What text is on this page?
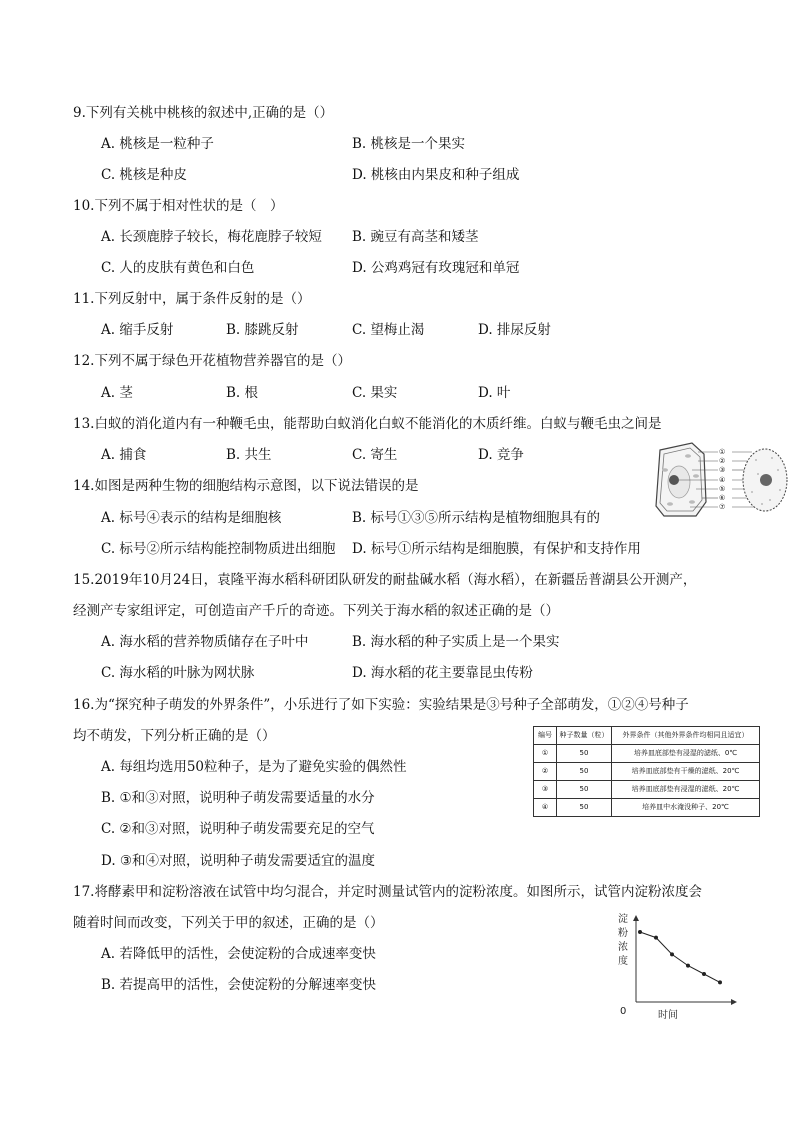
9.下列有关桃中桃核的叙述中,正确的是（）
A. 桃核是一粒种子	B. 桃核是一个果实
C. 桃核是种皮	D. 桃核由内果皮和种子组成
10.下列不属于相对性状的是（　）
A. 长颈鹿脖子较长，梅花鹿脖子较短 B. 豌豆有高茎和矮茎
C. 人的皮肤有黄色和白色	D. 公鸡鸡冠有玫瑰冠和单冠
11.下列反射中，属于条件反射的是（）
A. 缩手反射	B. 膝跳反射	C. 望梅止渴	D. 排尿反射
12.下列不属于绿色开花植物营养器官的是（）
A. 茎	B. 根	C. 果实	D. 叶
13.白蚁的消化道内有一种鞭毛虫，能帮助白蚁消化白蚁不能消化的木质纤维。白蚁与鞭毛虫之间是
A. 捕食	B. 共生	C. 寄生	D. 竞争
14.如图是两种生物的细胞结构示意图，以下说法错误的是
A. 标号④表示的结构是细胞核	B. 标号①③⑤所示结构是植物细胞具有的
C. 标号②所示结构能控制物质进出细胞 D. 标号①所示结构是细胞膜，有保护和支持作用
①
②
③
④
⑤
⑥
⑦
15.2019年10月24日，袁隆平海水稻科研团队研发的耐盐碱水稻（海水稻），在新疆岳普湖县公开测产，
经测产专家组评定，可创造亩产千斤的奇迹。下列关于海水稻的叙述正确的是（）
A. 海水稻的营养物质储存在子叶中	B. 海水稻的种子实质上是一个果实
C. 海水稻的叶脉为网状脉	D. 海水稻的花主要靠昆虫传粉
16.为“探究种子萌发的外界条件”，小乐进行了如下实验：实验结果是③号种子全部萌发，①②④号种子
均不萌发，下列分析正确的是（）
A. 每组均选用50粒种子，是为了避免实验的偶然性
B. ①和③对照，说明种子萌发需要适量的水分
C. ②和③对照，说明种子萌发需要充足的空气
D. ③和④对照，说明种子萌发需要适宜的温度
编号	种子数量（粒）	外界条件（其他外界条件均相同且适宜）
①	50	培养皿底部垫有浸湿的滤纸、0℃
②	50	培养皿底部垫有干燥的滤纸、20℃
③	50	培养皿底部垫有浸湿的滤纸、20℃
④	50	培养皿中水淹没种子、20℃
17.将酵素甲和淀粉溶液在试管中均匀混合，并定时测量试管内的淀粉浓度。如图所示，试管内淀粉浓度会
随着时间而改变，下列关于甲的叙述，正确的是（）
A. 若降低甲的活性，会使淀粉的合成速率变快
B. 若提高甲的活性，会使淀粉的分解速率变快
淀
粉
浓
度
0	时间
